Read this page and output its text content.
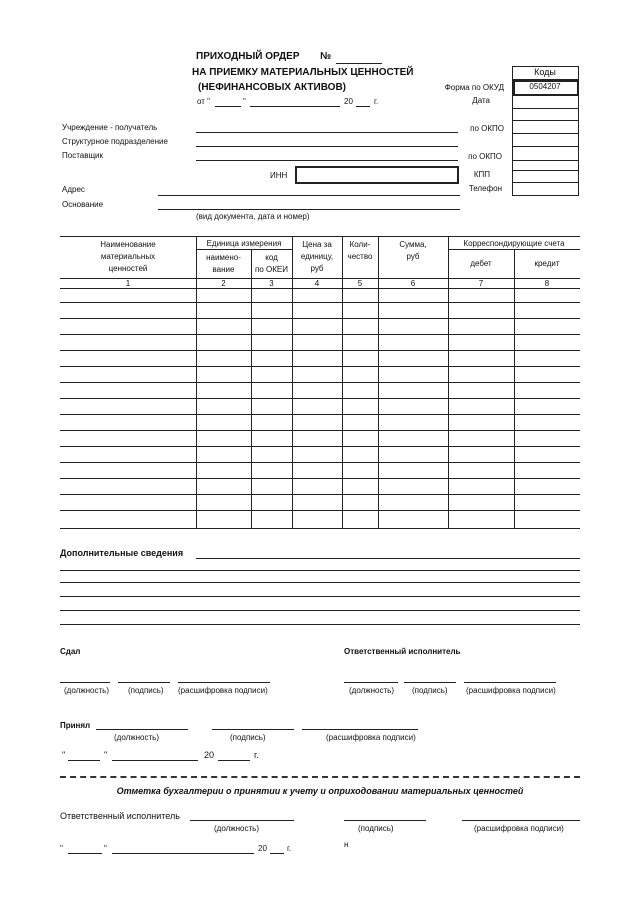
ПРИХОДНЫЙ ОРДЕР №
НА ПРИЕМКУ МАТЕРИАЛЬНЫХ ЦЕННОСТЕЙ
(НЕФИНАНСОВЫХ АКТИВОВ)
от "	"	20	г.
Коды
0504207
Форма по ОКУД
Дата
по ОКПО
по ОКПО
КПП
Телефон
Учреждение - получатель
Структурное подразделение
Поставщик
ИНН
Адрес
Основание
(вид документа, дата и номер)
Наименование
материальных
ценностей
Единица измерения
наимено-
вание
код
по ОКЕИ
Цена за
единицу,
руб
Коли-
чество
Сумма,
руб
Корреспондирующие счета
дебет	кредит
1	2	3	4	5	6	7	8
Дополнительные сведения
Сдал	Ответственный исполнитель
(должность) (подпись) (расшифровка подписи)	(должность) (подпись) (расшифровка подписи)
Принял
(должность)	(подпись)	(расшифровка подписи)
"	"	20	г.
Отметка бухгалтерии о принятии к учету и оприходовании материальных ценностей
Ответственный исполнитель
(должность)	(подпись)	(расшифровка подписи)
н
"	"	20	г.
